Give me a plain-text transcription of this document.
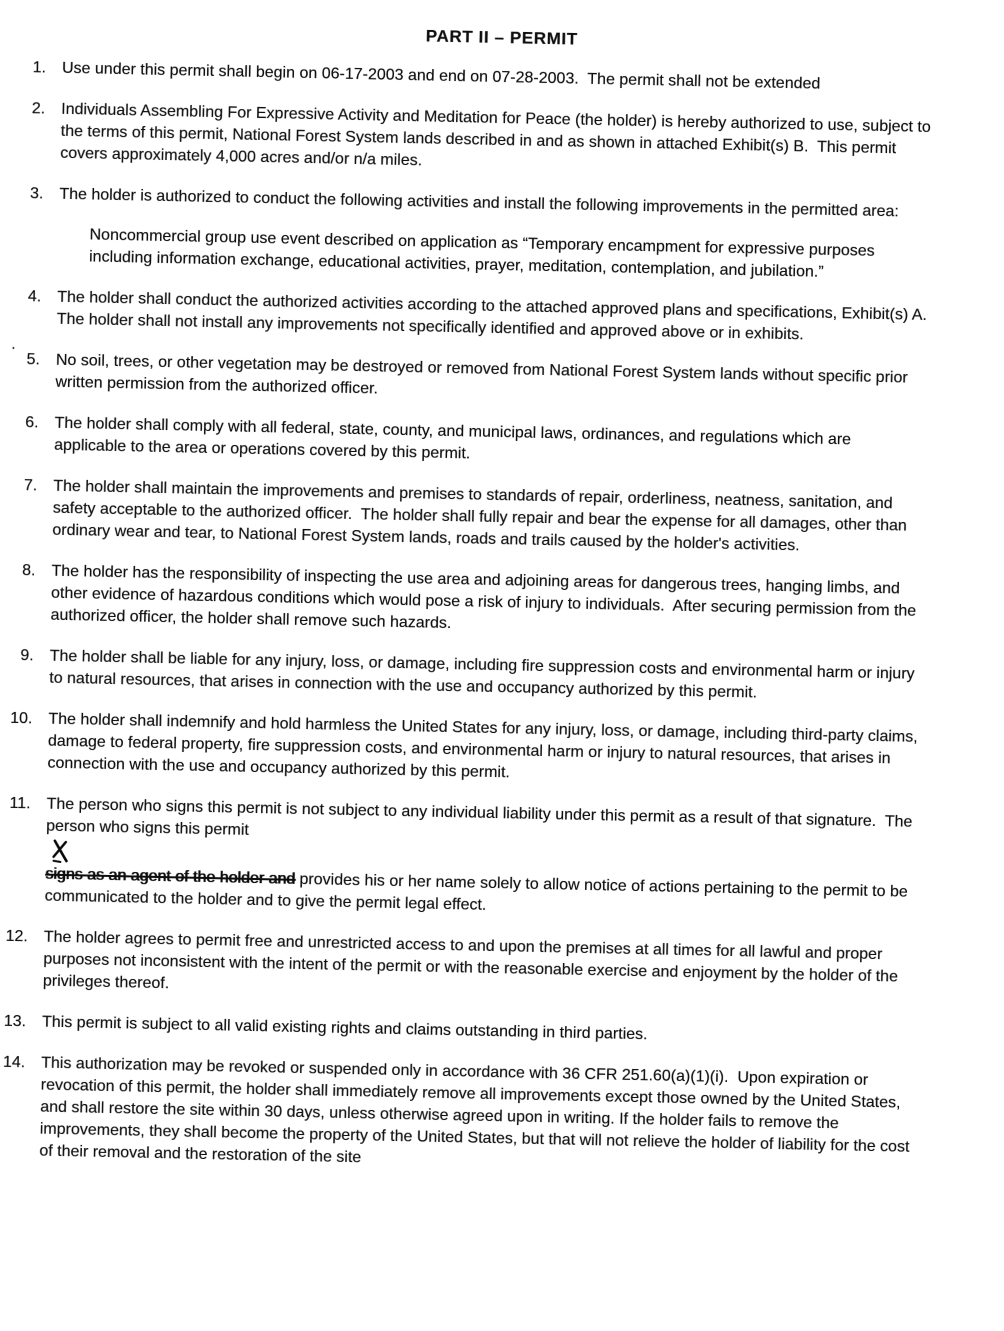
PART II – PERMIT
1. Use under this permit shall begin on 06-17-2003 and end on 07-28-2003.  The permit shall not be extended
2. Individuals Assembling For Expressive Activity and Meditation for Peace (the holder) is hereby authorized to use, subject to the terms of this permit, National Forest System lands described in and as shown in attached Exhibit(s) B.  This permit covers approximately 4,000 acres and/or n/a miles.
3. The holder is authorized to conduct the following activities and install the following improvements in the permitted area:
Noncommercial group use event described on application as “Temporary encampment for expressive purposes including information exchange, educational activities, prayer, meditation, contemplation, and jubilation.”
4. The holder shall conduct the authorized activities according to the attached approved plans and specifications, Exhibit(s) A.  The holder shall not install any improvements not specifically identified and approved above or in exhibits.
5. No soil, trees, or other vegetation may be destroyed or removed from National Forest System lands without specific prior written permission from the authorized officer.
6. The holder shall comply with all federal, state, county, and municipal laws, ordinances, and regulations which are applicable to the area or operations covered by this permit.
7. The holder shall maintain the improvements and premises to standards of repair, orderliness, neatness, sanitation, and safety acceptable to the authorized officer.  The holder shall fully repair and bear the expense for all damages, other than ordinary wear and tear, to National Forest System lands, roads and trails caused by the holder's activities.
8. The holder has the responsibility of inspecting the use area and adjoining areas for dangerous trees, hanging limbs, and other evidence of hazardous conditions which would pose a risk of injury to individuals.  After securing permission from the authorized officer, the holder shall remove such hazards.
9. The holder shall be liable for any injury, loss, or damage, including fire suppression costs and environmental harm or injury to natural resources, that arises in connection with the use and occupancy authorized by this permit.
10. The holder shall indemnify and hold harmless the United States for any injury, loss, or damage, including third-party claims, damage to federal property, fire suppression costs, and environmental harm or injury to natural resources, that arises in connection with the use and occupancy authorized by this permit.
11. The person who signs this permit is not subject to any individual liability under this permit as a result of that signature.  The person who signs this permit

signs as an agent of the holder and provides his or her name solely to allow notice of actions pertaining to the permit to be communicated to the holder and to give the permit legal effect.
12. The holder agrees to permit free and unrestricted access to and upon the premises at all times for all lawful and proper purposes not inconsistent with the intent of the permit or with the reasonable exercise and enjoyment by the holder of the privileges thereof.
13. This permit is subject to all valid existing rights and claims outstanding in third parties.
14. This authorization may be revoked or suspended only in accordance with 36 CFR 251.60(a)(1)(i).  Upon expiration or revocation of this permit, the holder shall immediately remove all improvements except those owned by the United States, and shall restore the site within 30 days, unless otherwise agreed upon in writing. If the holder fails to remove the improvements, they shall become the property of the United States, but that will not relieve the holder of liability for the cost of their removal and the restoration of the site
.
